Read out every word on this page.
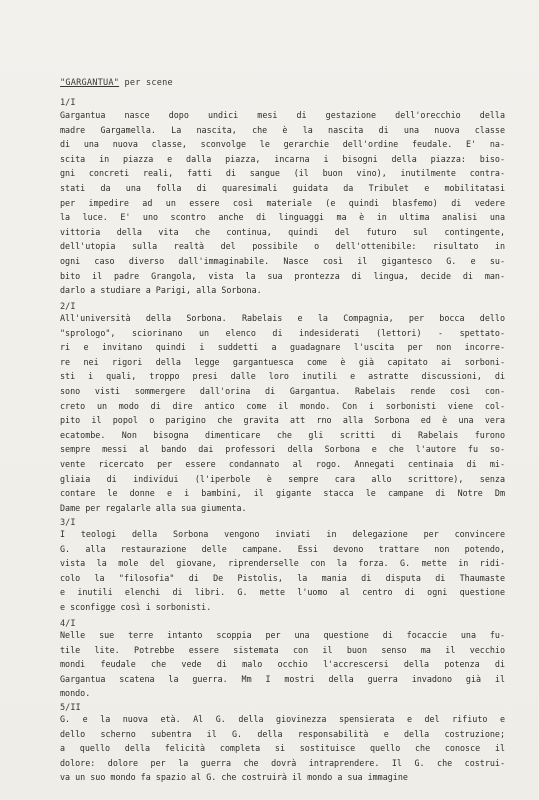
"GARGANTUA" per scene
1/I
Gargantua nasce dopo undici mesi di gestazione dell'orecchio della
madre Gargamella. La nascita, che è la nascita di una nuova classe
di una nuova classe, sconvolge le gerarchie dell'ordine feudale. E' na-
scita in piazza e dalla piazza, incarna i bisogni della piazza: biso-
gni concreti reali, fatti di sangue (il buon vino), inutilmente contra-
stati da una folla di quaresimali guidata da Tribulet e mobilitatasi
per impedire ad un essere così materiale (e quindi blasfemo) di vedere
la luce. E' uno scontro anche di linguaggi ma è in ultima analisi una
vittoria della vita che continua, quindi del futuro sul contingente,
dell'utopia sulla realtà del possibile o dell'ottenibile: risultato in
ogni caso diverso dall'immaginabile. Nasce così il gigantesco G. e su-
bito il padre Grangola, vista la sua prontezza di lingua, decide di man-
darlo a studiare a Parigi, alla Sorbona.
2/I
All'università della Sorbona. Rabelais e la Compagnia, per bocca dello
"sprologo", sciorinano un elenco di indesiderati (lettori) - spettato-
ri e invitano quindi i suddetti a guadagnare l'uscita per non incorre-
re nei rigori della legge gargantuesca come è già capitato ai sorboni-
sti i quali, troppo presi dalle loro inutili e astratte discussioni, di
sono visti sommergere dall'orina di Gargantua. Rabelais rende così con-
creto un modo di dire antico come il mondo. Con i sorbonisti viene col-
pito il popol o parigino che gravita att rno alla Sorbona ed è una vera
ecatombe. Non bisogna dimenticare che gli scritti di Rabelais furono
sempre messi al bando dai professori della Sorbona e che l'autore fu so-
vente ricercato per essere condannato al rogo. Annegati centinaia di mi-
gliaia di individui (l'iperbole è sempre cara allo scrittore), senza
contare le donne e i bambini, il gigante stacca le campane di Notre Dm
Dame per regalarle alla sua giumenta.
3/I
I teologi della Sorbona vengono inviati in delegazione per convincere
G. alla restaurazione delle campane. Essi devono trattare non potendo,
vista la mole del giovane, riprenderselle con la forza. G. mette in ridi-
colo la "filosofia" di De Pistolis, la mania di disputa di Thaumaste
e inutili elenchi di libri. G. mette l'uomo al centro di ogni questione
e sconfigge così i sorbonisti.
4/I
Nelle sue terre intanto scoppia per una questione di focaccie una fu-
tile lite. Potrebbe essere sistemata con il buon senso ma il vecchio
mondi feudale che vede di malo occhio l'accrescersi della potenza di
Gargantua scatena la guerra. Mm I mostri della guerra invadono già il
mondo.
5/II
G. e la nuova età. Al G. della giovinezza spensierata e del rifiuto e
dello scherno subentra il G. della responsabilità e della costruzione;
a quello della felicità completa si sostituisce quello che conosce il
dolore: dolore per la guerra che dovrà intraprendere. Il G. che costrui-
va un suo mondo fa spazio al G. che costruirà il mondo a sua immagine
